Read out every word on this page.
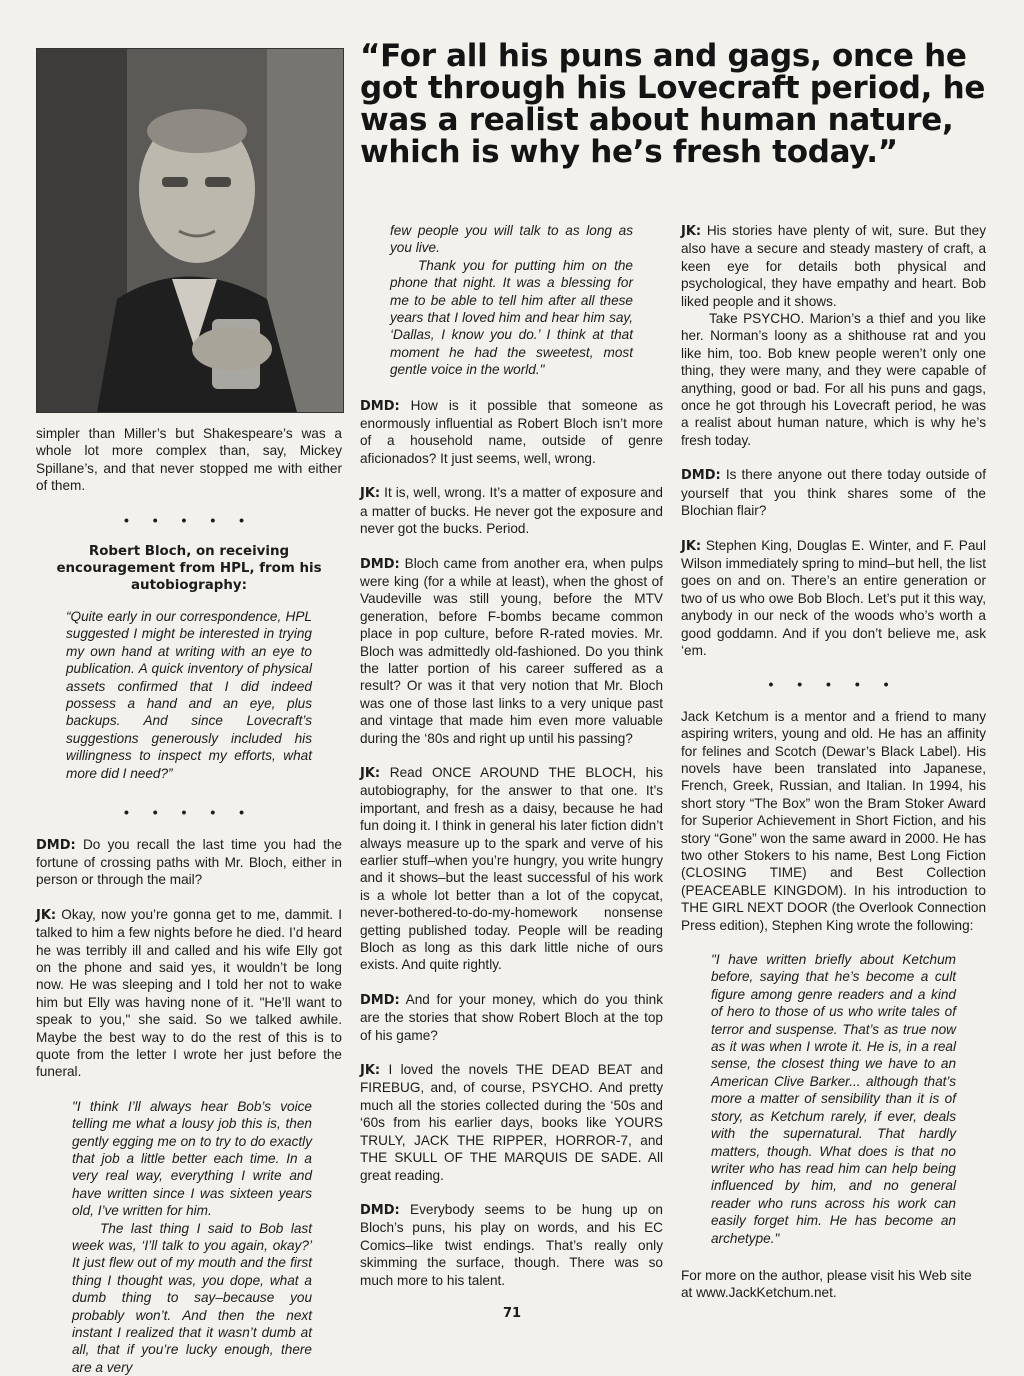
“For all his puns and gags, once he got through his Lovecraft period, he was a realist about human nature, which is why he’s fresh today.”

simpler than Miller’s but Shakespeare’s was a whole lot more complex than, say, Mickey Spillane’s, and that never stopped me with either of them.

• • • • •
Robert Bloch, on receiving encouragement from HPL, from his autobiography:

“Quite early in our correspondence, HPL suggested I might be interested in trying my own hand at writing with an eye to publication. A quick inventory of physical assets confirmed that I did indeed possess a hand and an eye, plus backups. And since Lovecraft’s suggestions generously included his willingness to inspect my efforts, what more did I need?”

• • • • •

DMD: Do you recall the last time you had the fortune of crossing paths with Mr. Bloch, either in person or through the mail?

JK: Okay, now you’re gonna get to me, dammit. I talked to him a few nights before he died. I’d heard he was terribly ill and called and his wife Elly got on the phone and said yes, it wouldn’t be long now. He was sleeping and I told her not to wake him but Elly was having none of it. "He’ll want to speak to you," she said. So we talked awhile. Maybe the best way to do the rest of this is to quote from the letter I wrote her just before the funeral.

"I think I’ll always hear Bob’s voice telling me what a lousy job this is, then gently egging me on to try to do exactly that job a little better each time. In a very real way, everything I write and have written since I was sixteen years old, I’ve written for him.

The last thing I said to Bob last week was, ‘I’ll talk to you again, okay?’ It just flew out of my mouth and the first thing I thought was, you dope, what a dumb thing to say–because you probably won’t. And then the next instant I realized that it wasn’t dumb at all, that if you’re lucky enough, there are a very

few people you will talk to as long as you live.

Thank you for putting him on the phone that night. It was a blessing for me to be able to tell him after all these years that I loved him and hear him say, ‘Dallas, I know you do.’ I think at that moment he had the sweetest, most gentle voice in the world."

DMD: How is it possible that someone as enormously influential as Robert Bloch isn’t more of a household name, outside of genre aficionados? It just seems, well, wrong.

JK: It is, well, wrong. It’s a matter of exposure and a matter of bucks. He never got the exposure and never got the bucks. Period.

DMD: Bloch came from another era, when pulps were king (for a while at least), when the ghost of Vaudeville was still young, before the MTV generation, before F-bombs became common place in pop culture, before R-rated movies. Mr. Bloch was admittedly old-fashioned. Do you think the latter portion of his career suffered as a result? Or was it that very notion that Mr. Bloch was one of those last links to a very unique past and vintage that made him even more valuable during the ‘80s and right up until his passing?

JK: Read ONCE AROUND THE BLOCH, his autobiography, for the answer to that one. It’s important, and fresh as a daisy, because he had fun doing it. I think in general his later fiction didn’t always measure up to the spark and verve of his earlier stuff–when you’re hungry, you write hungry and it shows–but the least successful of his work is a whole lot better than a lot of the copycat, never-bothered-to-do-my-homework nonsense getting published today. People will be reading Bloch as long as this dark little niche of ours exists. And quite rightly.

DMD: And for your money, which do you think are the stories that show Robert Bloch at the top of his game?

JK: I loved the novels THE DEAD BEAT and FIREBUG, and, of course, PSYCHO. And pretty much all the stories collected during the ‘50s and ‘60s from his earlier days, books like YOURS TRULY, JACK THE RIPPER, HORROR-7, and THE SKULL OF THE MARQUIS DE SADE. All great reading.

DMD: Everybody seems to be hung up on Bloch’s puns, his play on words, and his EC Comics–like twist endings. That’s really only skimming the surface, though. There was so much more to his talent.

JK: His stories have plenty of wit, sure. But they also have a secure and steady mastery of craft, a keen eye for details both physical and psychological, they have empathy and heart. Bob liked people and it shows.

Take PSYCHO. Marion’s a thief and you like her. Norman’s loony as a shithouse rat and you like him, too. Bob knew people weren’t only one thing, they were many, and they were capable of anything, good or bad. For all his puns and gags, once he got through his Lovecraft period, he was a realist about human nature, which is why he’s fresh today.

DMD: Is there anyone out there today outside of yourself that you think shares some of the Blochian flair?

JK: Stephen King, Douglas E. Winter, and F. Paul Wilson immediately spring to mind–but hell, the list goes on and on. There’s an entire generation or two of us who owe Bob Bloch. Let’s put it this way, anybody in our neck of the woods who’s worth a good goddamn. And if you don’t believe me, ask ‘em.

• • • • •

Jack Ketchum is a mentor and a friend to many aspiring writers, young and old. He has an affinity for felines and Scotch (Dewar’s Black Label). His novels have been translated into Japanese, French, Greek, Russian, and Italian. In 1994, his short story “The Box” won the Bram Stoker Award for Superior Achievement in Short Fiction, and his story “Gone” won the same award in 2000. He has two other Stokers to his name, Best Long Fiction (CLOSING TIME) and Best Collection (PEACEABLE KINGDOM). In his introduction to THE GIRL NEXT DOOR (the Overlook Connection Press edition), Stephen King wrote the following:

"I have written briefly about Ketchum before, saying that he’s become a cult figure among genre readers and a kind of hero to those of us who write tales of terror and suspense. That’s as true now as it was when I wrote it. He is, in a real sense, the closest thing we have to an American Clive Barker... although that’s more a matter of sensibility than it is of story, as Ketchum rarely, if ever, deals with the supernatural. That hardly matters, though. What does is that no writer who has read him can help being influenced by him, and no general reader who runs across his work can easily forget him. He has become an archetype."

For more on the author, please visit his Web site at www.JackKetchum.net.

71
